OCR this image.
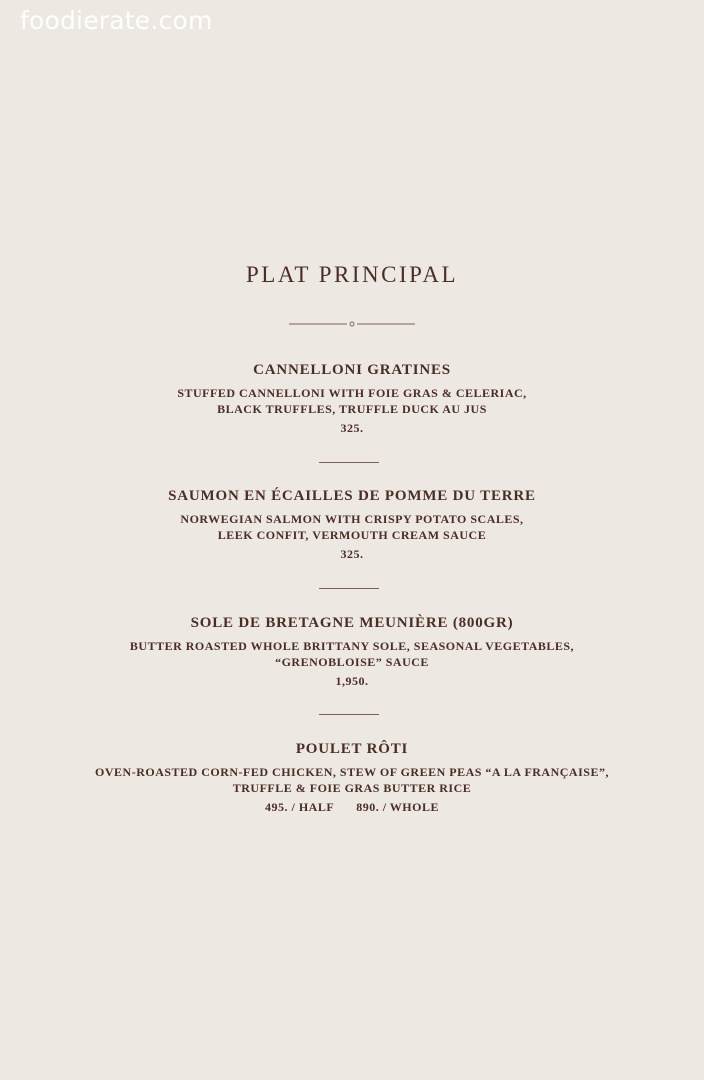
foodierate.com
PLAT PRINCIPAL
CANNELLONI GRATINES
STUFFED CANNELLONI WITH FOIE GRAS & CELERIAC,
BLACK TRUFFLES, TRUFFLE DUCK AU JUS
325.
SAUMON EN ÉCAILLES DE POMME DU TERRE
NORWEGIAN SALMON WITH CRISPY POTATO SCALES,
LEEK CONFIT, VERMOUTH CREAM SAUCE
325.
SOLE DE BRETAGNE MEUNIÈRE (800GR)
BUTTER ROASTED WHOLE BRITTANY SOLE, SEASONAL VEGETABLES,
“GRENOBLOISE” SAUCE
1,950.
POULET RÔTI
OVEN-ROASTED CORN-FED CHICKEN, STEW OF GREEN PEAS “A LA FRANÇAISE”,
TRUFFLE & FOIE GRAS BUTTER RICE
495. / HALF 890. / WHOLE
